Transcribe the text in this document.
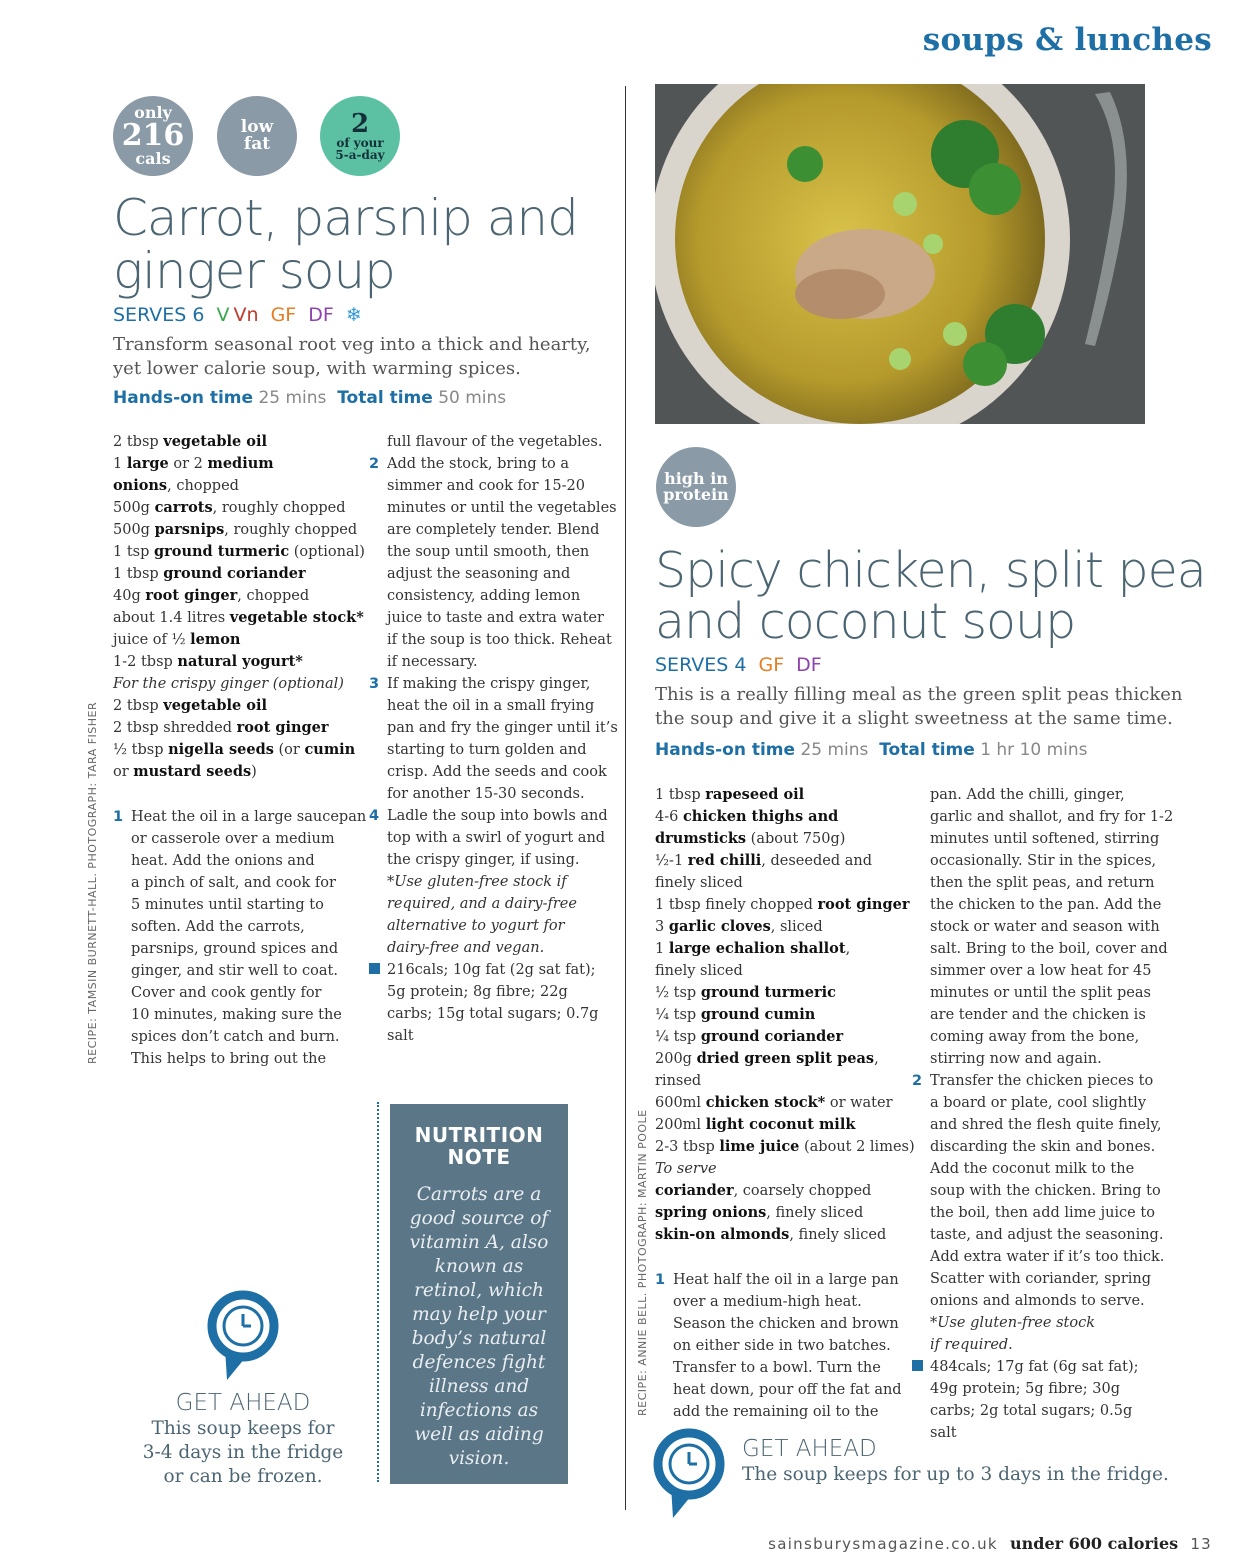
soups & lunches
only
216
cals
low
fat
2
of your
5-a-day
Carrot, parsnip and
ginger soup
SERVES 6 V Vn GF DF ❄
Transform seasonal root veg into a thick and hearty,
yet lower calorie soup, with warming spices.
Hands-on time 25 mins Total time 50 mins
2 tbsp vegetable oil
1 large or 2 medium
onions, chopped
500g carrots, roughly chopped
500g parsnips, roughly chopped
1 tsp ground turmeric (optional)
1 tbsp ground coriander
40g root ginger, chopped
about 1.4 litres vegetable stock*
juice of ½ lemon
1-2 tbsp natural yogurt*
For the crispy ginger (optional)
2 tbsp vegetable oil
2 tbsp shredded root ginger
½ tbsp nigella seeds (or cumin
or mustard seeds)
1 Heat the oil in a large saucepan
or casserole over a medium
heat. Add the onions and
a pinch of salt, and cook for
5 minutes until starting to
soften. Add the carrots,
parsnips, ground spices and
ginger, and stir well to coat.
Cover and cook gently for
10 minutes, making sure the
spices don’t catch and burn.
This helps to bring out the
full flavour of the vegetables.
2 Add the stock, bring to a
simmer and cook for 15-20
minutes or until the vegetables
are completely tender. Blend
the soup until smooth, then
adjust the seasoning and
consistency, adding lemon
juice to taste and extra water
if the soup is too thick. Reheat
if necessary.
3 If making the crispy ginger,
heat the oil in a small frying
pan and fry the ginger until it’s
starting to turn golden and
crisp. Add the seeds and cook
for another 15-30 seconds.
4 Ladle the soup into bowls and
top with a swirl of yogurt and
the crispy ginger, if using.
*Use gluten-free stock if
required, and a dairy-free
alternative to yogurt for
dairy-free and vegan.
216cals; 10g fat (2g sat fat); 5g protein; 8g fibre; 22g carbs; 15g total sugars; 0.7g salt
RECIPE: TAMSIN BURNETT-HALL. PHOTOGRAPH: TARA FISHER
GET AHEAD
This soup keeps for
3-4 days in the fridge
or can be frozen.
NUTRITION
NOTE

Carrots are a

good source of

vitamin A, also

known as

retinol, which

may help your

body’s natural

defences fight

illness and

infections as

well as aiding

vision.

high in
protein
Spicy chicken, split pea
and coconut soup
SERVES 4 GF DF
This is a really filling meal as the green split peas thicken
the soup and give it a slight sweetness at the same time.
Hands-on time 25 mins Total time 1 hr 10 mins
1 tbsp rapeseed oil
4-6 chicken thighs and
drumsticks (about 750g)
½-1 red chilli, deseeded and
finely sliced
1 tbsp finely chopped root ginger
3 garlic cloves, sliced
1 large echalion shallot,
finely sliced
½ tsp ground turmeric
¼ tsp ground cumin
¼ tsp ground coriander
200g dried green split peas,
rinsed
600ml chicken stock* or water
200ml light coconut milk
2-3 tbsp lime juice (about 2 limes)
To serve
coriander, coarsely chopped
spring onions, finely sliced
skin-on almonds, finely sliced
1 Heat half the oil in a large pan
over a medium-high heat.
Season the chicken and brown
on either side in two batches.
Transfer to a bowl. Turn the
heat down, pour off the fat and
add the remaining oil to the
pan. Add the chilli, ginger,
garlic and shallot, and fry for 1-2
minutes until softened, stirring
occasionally. Stir in the spices,
then the split peas, and return
the chicken to the pan. Add the
stock or water and season with
salt. Bring to the boil, cover and
simmer over a low heat for 45
minutes or until the split peas
are tender and the chicken is
coming away from the bone,
stirring now and again.
2 Transfer the chicken pieces to
a board or plate, cool slightly
and shred the flesh quite finely,
discarding the skin and bones.
Add the coconut milk to the
soup with the chicken. Bring to
the boil, then add lime juice to
taste, and adjust the seasoning.
Add extra water if it’s too thick.
Scatter with coriander, spring
onions and almonds to serve.
*Use gluten-free stock
if required.
484cals; 17g fat (6g sat fat); 49g protein; 5g fibre; 30g carbs; 2g total sugars; 0.5g salt
RECIPE: ANNIE BELL. PHOTOGRAPH: MARTIN POOLE
GET AHEAD
The soup keeps for up to 3 days in the fridge.
sainsburysmagazine.co.uk under 600 calories 13
